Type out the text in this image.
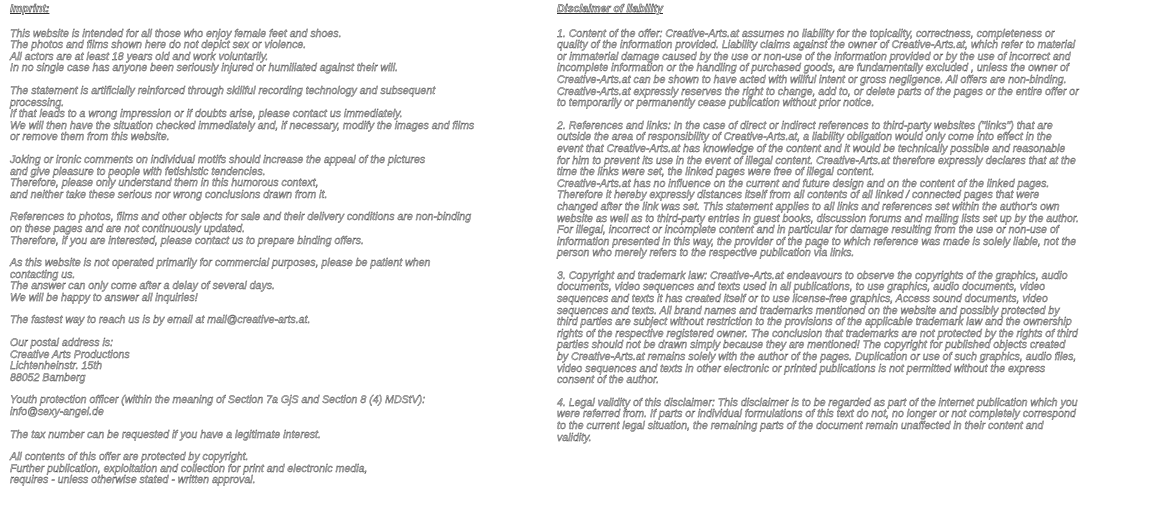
Imprint:
This website is intended for all those who enjoy female feet and shoes.
The photos and films shown here do not depict sex or violence.
All actors are at least 18 years old and work voluntarily.
In no single case has anyone been seriously injured or humiliated against their will.
The statement is artificially reinforced through skillful recording technology and subsequent
processing.
If that leads to a wrong impression or if doubts arise, please contact us immediately.
We will then have the situation checked immediately and, if necessary, modify the images and films
or remove them from this website.
Joking or ironic comments on individual motifs should increase the appeal of the pictures
and give pleasure to people with fetishistic tendencies.
Therefore, please only understand them in this humorous context,
and neither take these serious nor wrong conclusions drawn from it.
References to photos, films and other objects for sale and their delivery conditions are non-binding
on these pages and are not continuously updated.
Therefore, if you are interested, please contact us to prepare binding offers.
As this website is not operated primarily for commercial purposes, please be patient when
contacting us.
The answer can only come after a delay of several days.
We will be happy to answer all inquiries!
The fastest way to reach us is by email at mail@creative-arts.at.
Our postal address is:
Creative Arts Productions
Lichtenheinstr. 15th
88052 Bamberg
Youth protection officer (within the meaning of Section 7a GjS and Section 8 (4) MDStV):
info@sexy-angel.de
The tax number can be requested if you have a legitimate interest.
All contents of this offer are protected by copyright.
Further publication, exploitation and collection for print and electronic media,
requires - unless otherwise stated - written approval.
Disclaimer of liability
1. Content of the offer: Creative-Arts.at assumes no liability for the topicality, correctness, completeness or
quality of the information provided. Liability claims against the owner of Creative-Arts.at, which refer to material
or immaterial damage caused by the use or non-use of the information provided or by the use of incorrect and
incomplete information or the handling of purchased goods, are fundamentally excluded , unless the owner of
Creative-Arts.at can be shown to have acted with willful intent or gross negligence. All offers are non-binding.
Creative-Arts.at expressly reserves the right to change, add to, or delete parts of the pages or the entire offer or
to temporarily or permanently cease publication without prior notice.
2. References and links: In the case of direct or indirect references to third-party websites ("links") that are
outside the area of responsibility of Creative-Arts.at, a liability obligation would only come into effect in the
event that Creative-Arts.at has knowledge of the content and it would be technically possible and reasonable
for him to prevent its use in the event of illegal content. Creative-Arts.at therefore expressly declares that at the
time the links were set, the linked pages were free of illegal content.
Creative-Arts.at has no influence on the current and future design and on the content of the linked pages.
Therefore it hereby expressly distances itself from all contents of all linked / connected pages that were
changed after the link was set. This statement applies to all links and references set within the author's own
website as well as to third-party entries in guest books, discussion forums and mailing lists set up by the author.
For illegal, incorrect or incomplete content and in particular for damage resulting from the use or non-use of
information presented in this way, the provider of the page to which reference was made is solely liable, not the
person who merely refers to the respective publication via links.
3. Copyright and trademark law: Creative-Arts.at endeavours to observe the copyrights of the graphics, audio
documents, video sequences and texts used in all publications, to use graphics, audio documents, video
sequences and texts it has created itself or to use license-free graphics, Access sound documents, video
sequences and texts. All brand names and trademarks mentioned on the website and possibly protected by
third parties are subject without restriction to the provisions of the applicable trademark law and the ownership
rights of the respective registered owner. The conclusion that trademarks are not protected by the rights of third
parties should not be drawn simply because they are mentioned! The copyright for published objects created
by Creative-Arts.at remains solely with the author of the pages. Duplication or use of such graphics, audio files,
video sequences and texts in other electronic or printed publications is not permitted without the express
consent of the author.
4. Legal validity of this disclaimer: This disclaimer is to be regarded as part of the internet publication which you
were referred from. If parts or individual formulations of this text do not, no longer or not completely correspond
to the current legal situation, the remaining parts of the document remain unaffected in their content and
validity.
